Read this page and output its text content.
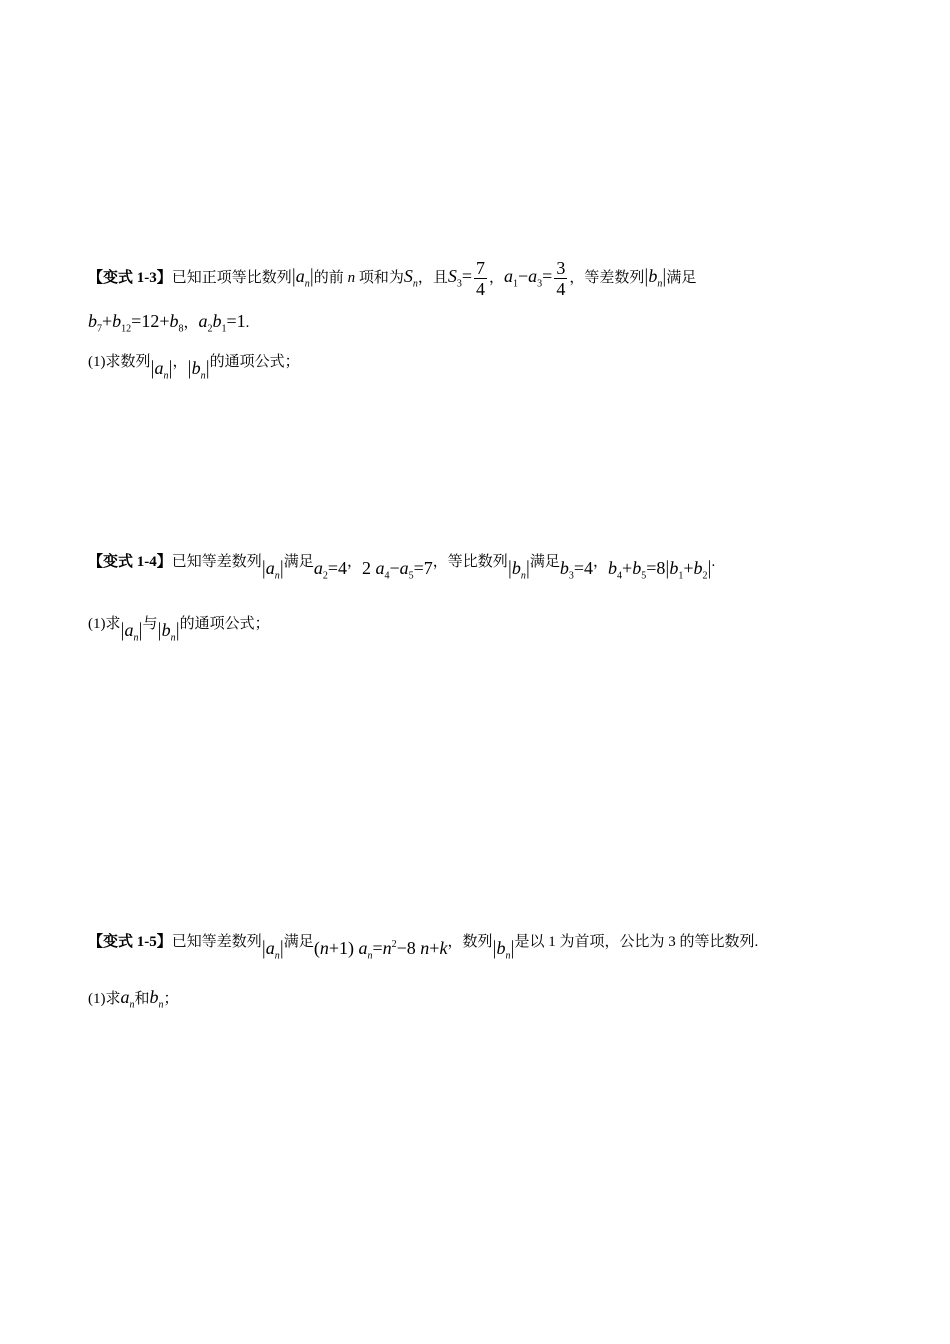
【变式 1-3】已知正项等比数列$|a_n|$的前 n 项和为$S_n$，且$S_3= \frac{7}{4}$ ，$a_1-a_3= \frac{3}{4}$ ，等差数列$|b_n|$满足
$b_7+b_{12}=12+b_8$，$a_2b_1=1$.
(1)求数列$|a_n|$，$|b_n|$的通项公式；
【变式 1-4】已知等差数列$|a_n|$满足$a_2=4$，2 $a_4-a_5=7$，等比数列$|b_n|$满足$b_3=4$，$b_4+b_5=8|b_1+b_2|$.
(1)求$|a_n|$与$|b_n|$的通项公式；
【变式 1-5】已知等差数列$|a_n|$满足(n+1) $a_n=n^2-8$ n+k，数列$|b_n|$是以 1 为首项，公比为 3 的等比数列.
(1)求$a_n$和$b_n$；
